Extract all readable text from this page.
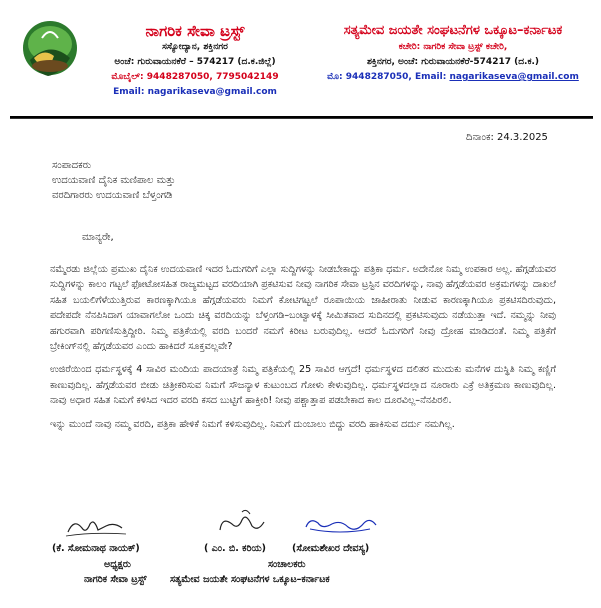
ನಾಗರಿಕ ಸೇವಾ ಟ್ರಸ್ಟ್
ಸಸ್ಯೋದ್ಯಾನ, ಶಕ್ತಿನಗರ
ಅಂಚೆ: ಗುರುವಾಯನಕೆರೆ – 574217 (ದ.ಕ.ಜಿಲ್ಲೆ)
ಮೊಬೈಲ್: 9448287050, 7795042149
Email: nagarikaseva@gmail.com
ಸತ್ಯಮೇವ ಜಯತೇ ಸಂಘಟನೆಗಳ ಒಕ್ಕೂಟ–ಕರ್ನಾಟಕ
ಕಚೇರಿ: ನಾಗರಿಕ ಸೇವಾ ಟ್ರಸ್ಟ್ ಕಚೇರಿ,
ಶಕ್ತಿನಗರ, ಅಂಚೆ: ಗುರುವಾಯನಕೆರೆ-574217 (ದ.ಕ.)
ಮೊ: 9448287050, Email: nagarikaseva@gmail.com
ದಿನಾಂಕ: 24.3.2025
ಸಂಪಾದಕರು
ಉದಯವಾಣಿ ದೈನಿಕ ಮಣಿಪಾಲ ಮತ್ತು
ವರದಿಗಾರರು ಉದಯವಾಣಿ ಬೆಳ್ತಂಗಡಿ
ಮಾನ್ಯರೇ,

ನಮ್ಮೆರಡು ಜಿಲ್ಲೆಯ ಪ್ರಮುಖ ದೈನಿಕ ಉದಯವಾಣಿ ಇದರ ಓದುಗರಿಗೆ ಎಲ್ಲಾ ಸುದ್ದಿಗಳನ್ನು ನೀಡಬೇಕಾದ್ದು ಪತ್ರಿಕಾ ಧರ್ಮ. ಅದೇನೋ ನಿಮ್ಮ ಉಪಕಾರ ಅಲ್ಲ. ಹೆಗ್ಗಡೆಯವರ ಸುದ್ದಿಗಳನ್ನು ಕಾಲಂ ಗಟ್ಟಲೆ ಫೋಟೋಸಹಿತ ರಾಜ್ಯಮಟ್ಟದ ವರದಿಯಾಗಿ ಪ್ರಕಟಿಸುವ ನೀವು ನಾಗರಿಕ ಸೇವಾ ಟ್ರಸ್ಟಿನ ವರದಿಗಳನ್ನು, ನಾವು ಹೆಗ್ಗಡೆಯವರ ಅಕ್ರಮಗಳನ್ನು ದಾಖಲೆ ಸಹಿತ ಬಯಲಿಗೆಳೆಯುತ್ತಿರುವ ಕಾರಣಕ್ಕಾಗಿಯೂ ಹೆಗ್ಗಡೆಯವರು ನಿಮಗೆ ಕೋಟಿಗಟ್ಟಲೆ ರೂಪಾಯಿಯ ಜಾಹೀರಾತು ನೀಡುವ ಕಾರಣಕ್ಕಾಗಿಯೂ ಪ್ರಕಟಿಸದಿರುವುದು, ಪದೇಪದೇ ನೆನಪಿಸಿದಾಗ ಯಾವಾಗಲೋ ಒಂದು ಚಿಕ್ಕ ವರದಿಯನ್ನು ಬೆಳ್ತಂಗಡಿ–ಬಂಟ್ವಾಳಕ್ಕೆ ಸೀಮಿತವಾದ ಸುದಿನದಲ್ಲಿ ಪ್ರಕಟಿಸುವುದು ನಡೆಯುತ್ತಾ ಇದೆ. ನಮ್ಮನ್ನು ನೀವು ಹಗುರವಾಗಿ ಪರಿಗಣಿಸುತ್ತಿದ್ದೀರಿ. ನಿಮ್ಮ ಪತ್ರಿಕೆಯಲ್ಲಿ ವರದಿ ಬಂದರೆ ನಮಗೆ ಕಿರೀಟ ಬರುವುದಿಲ್ಲ. ಆದರೆ ಓದುಗರಿಗೆ ನೀವು ದ್ರೋಹ ಮಾಡಿದಂತೆ. ನಿಮ್ಮ ಪತ್ರಿಕೆಗೆ ಬ್ರೇಕಿಂಗ್‌ನಲ್ಲಿ ಹೆಗ್ಗಡೆಯವರ ಎಂದು ಹಾಕಿದರೆ ಸೂಕ್ತವಲ್ಲವೇ?

ಉಜಿರೆಯಿಂದ ಧರ್ಮಸ್ಥಳಕ್ಕೆ 4 ಸಾವಿರ ಮಂದಿಯ ಪಾದಯಾತ್ರೆ ನಿಮ್ಮ ಪತ್ರಿಕೆಯಲ್ಲಿ 25 ಸಾವಿರ ಆಗ್ತದೆ! ಧರ್ಮಸ್ಥಳದ ದಲಿತರ ಮುದುಕು ಮನೆಗಳ ದುಸ್ಥಿತಿ ನಿಮ್ಮ ಕಣ್ಣಿಗೆ ಕಾಣುವುದಿಲ್ಲ. ಹೆಗ್ಗಡೆಯವರ ಬೀಡು ಚಿತ್ರೀಕರಿಸುವ ನಿಮಗೆ ಸೌಜನ್ಯಾಳ ಕುಟುಂಬದ ಗೋಳು ಕೇಳುವುದಿಲ್ಲ. ಧರ್ಮಸ್ಥಳದಲ್ಲಾದ ನೂರಾರು ಎಕ್ರೆ ಅತಿಕ್ರಮಣ ಕಾಣುವುದಿಲ್ಲ. ನಾವು ಅಧಾರ ಸಹಿತ ನಿಮಗೆ ಕಳಿಸಿದ ಇದರ ವರದಿ ಕಸದ ಬುಟ್ಟಿಗೆ ಹಾಕ್ತೀರಿ! ನೀವು ಪಶ್ಚಾತ್ತಾಪ ಪಡಬೇಕಾದ ಕಾಲ ದೂರವಿಲ್ಲ–ನೆನಪಿರಲಿ.

ಇನ್ನು ಮುಂದೆ ನಾವು ನಮ್ಮ ವರದಿ, ಪತ್ರಿಕಾ ಹೇಳಿಕೆ ನಿಮಗೆ ಕಳಿಸುವುದಿಲ್ಲ. ನಿಮಗೆ ದುಂಬಾಲು ಬಿದ್ದು ವರದಿ ಹಾಕಿಸುವ ದರ್ದು ನಮಗಿಲ್ಲ.

(ಕೆ. ಸೋಮನಾಥ ನಾಯಕ್)	( ಎಂ. ಬಿ. ಕರಿಯ)	(ಸೋಮಶೇಖರ ದೇವಸ್ಯ)
ಅಧ್ಯಕ್ಷರು	ಸಂಚಾಲಕರು
ನಾಗರಿಕ ಸೇವಾ ಟ್ರಸ್ಟ್ ಸತ್ಯಮೇವ ಜಯತೇ ಸಂಘಟನೆಗಳ ಒಕ್ಕೂಟ–ಕರ್ನಾಟಕ
